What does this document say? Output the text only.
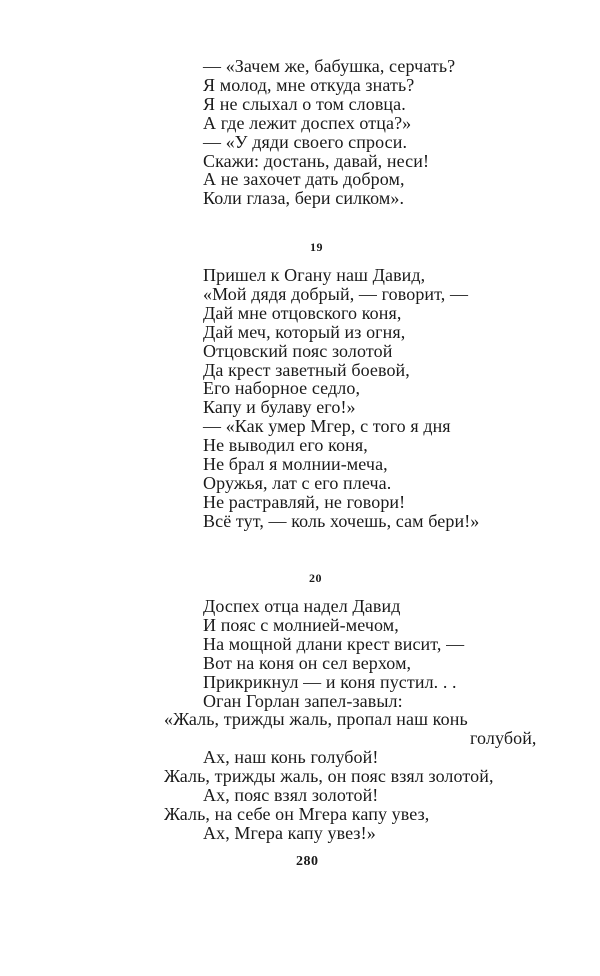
— «Зачем же, бабушка, серчать?
Я молод, мне откуда знать?
Я не слыхал о том словца.
А где лежит доспех отца?»
— «У дяди своего спроси.
Скажи: достань, давай, неси!
А не захочет дать добром,
Коли глаза, бери силком».
19
Пришел к Огану наш Давид,
«Мой дядя добрый, — говорит, —
Дай мне отцовского коня,
Дай меч, который из огня,
Отцовский пояс золотой
Да крест заветный боевой,
Его наборное седло,
Капу и булаву его!»
— «Как умер Мгер, с того я дня
Не выводил его коня,
Не брал я молнии-меча,
Оружья, лат с его плеча.
Не растравляй, не говори!
Всё тут, — коль хочешь, сам бери!»
20
Доспех отца надел Давид
И пояс с молнией-мечом,
На мощной длани крест висит, —
Вот на коня он сел верхом,
Прикрикнул — и коня пустил. . .
Оган Горлан запел-завыл:
«Жаль, трижды жаль, пропал наш конь
голубой,
Ах, наш конь голубой!
Жаль, трижды жаль, он пояс взял золотой,
Ах, пояс взял золотой!
Жаль, на себе он Мгера капу увез,
Ах, Мгера капу увез!»
280
